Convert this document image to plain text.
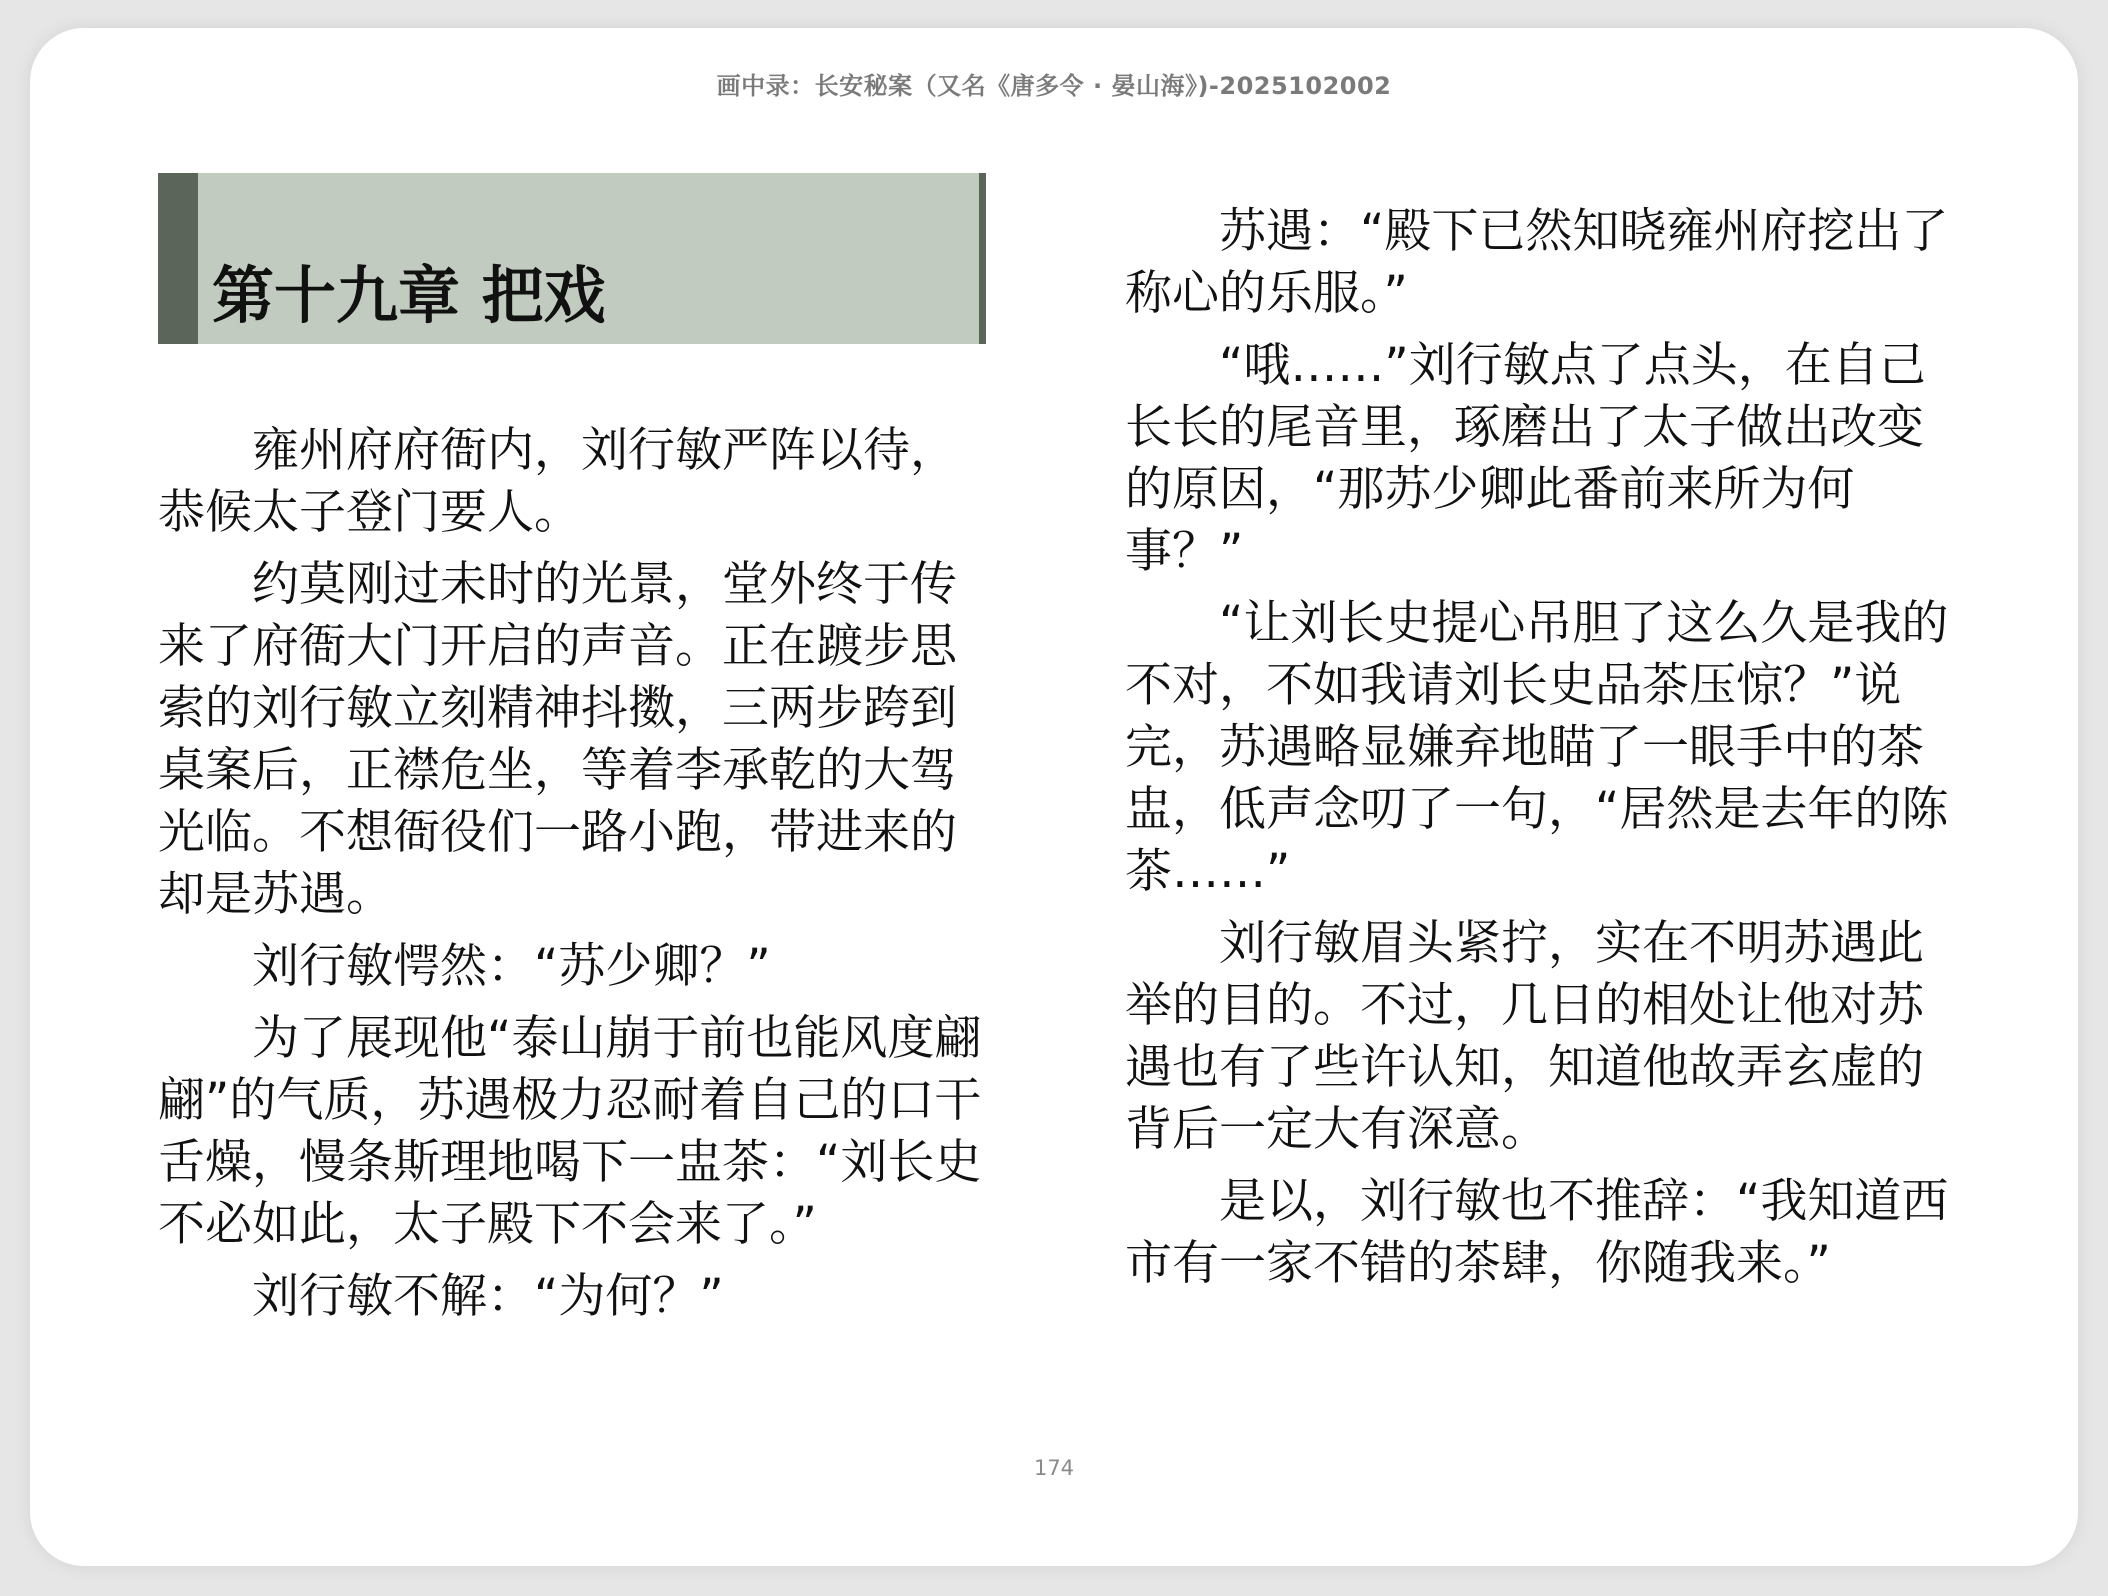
画中录：长安秘案（又名《唐多令 · 晏山海》)-2025102002
第十九章 把戏

雍州府府衙内，刘行敏严阵以待，恭候太子登门要人。

约莫刚过未时的光景，堂外终于传来了府衙大门开启的声音。正在踱步思索的刘行敏立刻精神抖擞，三两步跨到桌案后，正襟危坐，等着李承乾的大驾光临。不想衙役们一路小跑，带进来的却是苏遇。

刘行敏愕然：“苏少卿？”

为了展现他“泰山崩于前也能风度翩翩”的气质，苏遇极力忍耐着自己的口干舌燥，慢条斯理地喝下一盅茶：“刘长史不必如此，太子殿下不会来了。”

刘行敏不解：“为何？”

苏遇：“殿下已然知晓雍州府挖出了称心的乐服。”

“哦……”刘行敏点了点头，在自己长长的尾音里，琢磨出了太子做出改变的原因，“那苏少卿此番前来所为何事？”

“让刘长史提心吊胆了这么久是我的不对，不如我请刘长史品茶压惊？”说完，苏遇略显嫌弃地瞄了一眼手中的茶盅，低声念叨了一句，“居然是去年的陈茶……”

刘行敏眉头紧拧，实在不明苏遇此举的目的。不过，几日的相处让他对苏遇也有了些许认知，知道他故弄玄虚的背后一定大有深意。

是以，刘行敏也不推辞：“我知道西市有一家不错的茶肆，你随我来。”

174
